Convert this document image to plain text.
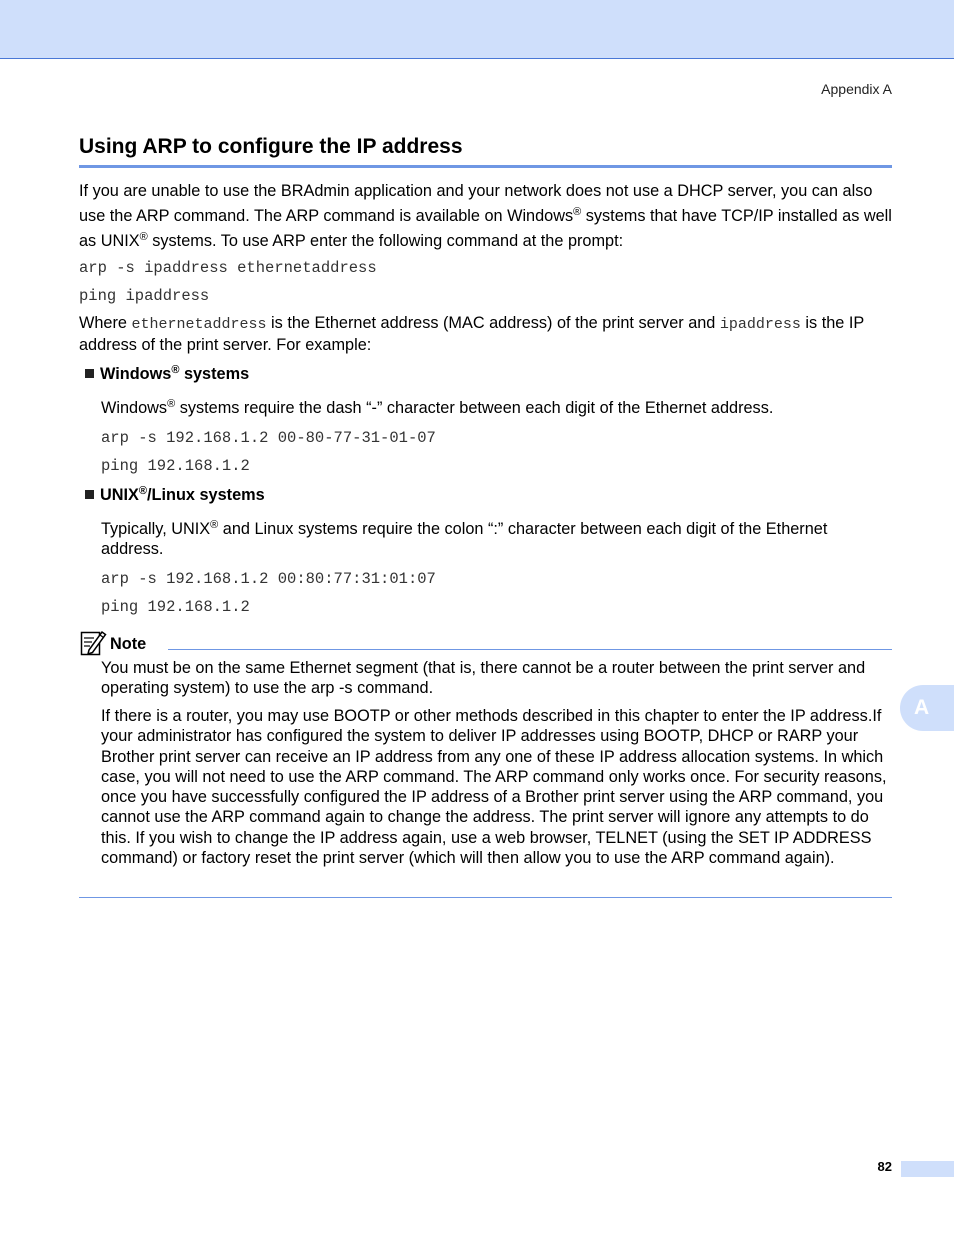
Appendix A
Using ARP to configure the IP address

If you are unable to use the BRAdmin application and your network does not use a DHCP server, you can also use the ARP command. The ARP command is available on Windows® systems that have TCP/IP installed as well as UNIX® systems. To use ARP enter the following command at the prompt:

arp -s ipaddress ethernetaddress
ping ipaddress

Where ethernetaddress is the Ethernet address (MAC address) of the print server and ipaddress is the IP address of the print server. For example:

Windows® systems

Windows® systems require the dash “-” character between each digit of the Ethernet address.

arp -s 192.168.1.2 00-80-77-31-01-07
ping 192.168.1.2
UNIX®/Linux systems

Typically, UNIX® and Linux systems require the colon “:” character between each digit of the Ethernet address.

arp -s 192.168.1.2 00:80:77:31:01:07
ping 192.168.1.2
Note

You must be on the same Ethernet segment (that is, there cannot be a router between the print server and operating system) to use the arp -s command.

If there is a router, you may use BOOTP or other methods described in this chapter to enter the IP address.If your administrator has configured the system to deliver IP addresses using BOOTP, DHCP or RARP your Brother print server can receive an IP address from any one of these IP address allocation systems. In which case, you will not need to use the ARP command. The ARP command only works once. For security reasons, once you have successfully configured the IP address of a Brother print server using the ARP command, you cannot use the ARP command again to change the address. The print server will ignore any attempts to do this. If you wish to change the IP address again, use a web browser, TELNET (using the SET IP ADDRESS command) or factory reset the print server (which will then allow you to use the ARP command again).

A
82
